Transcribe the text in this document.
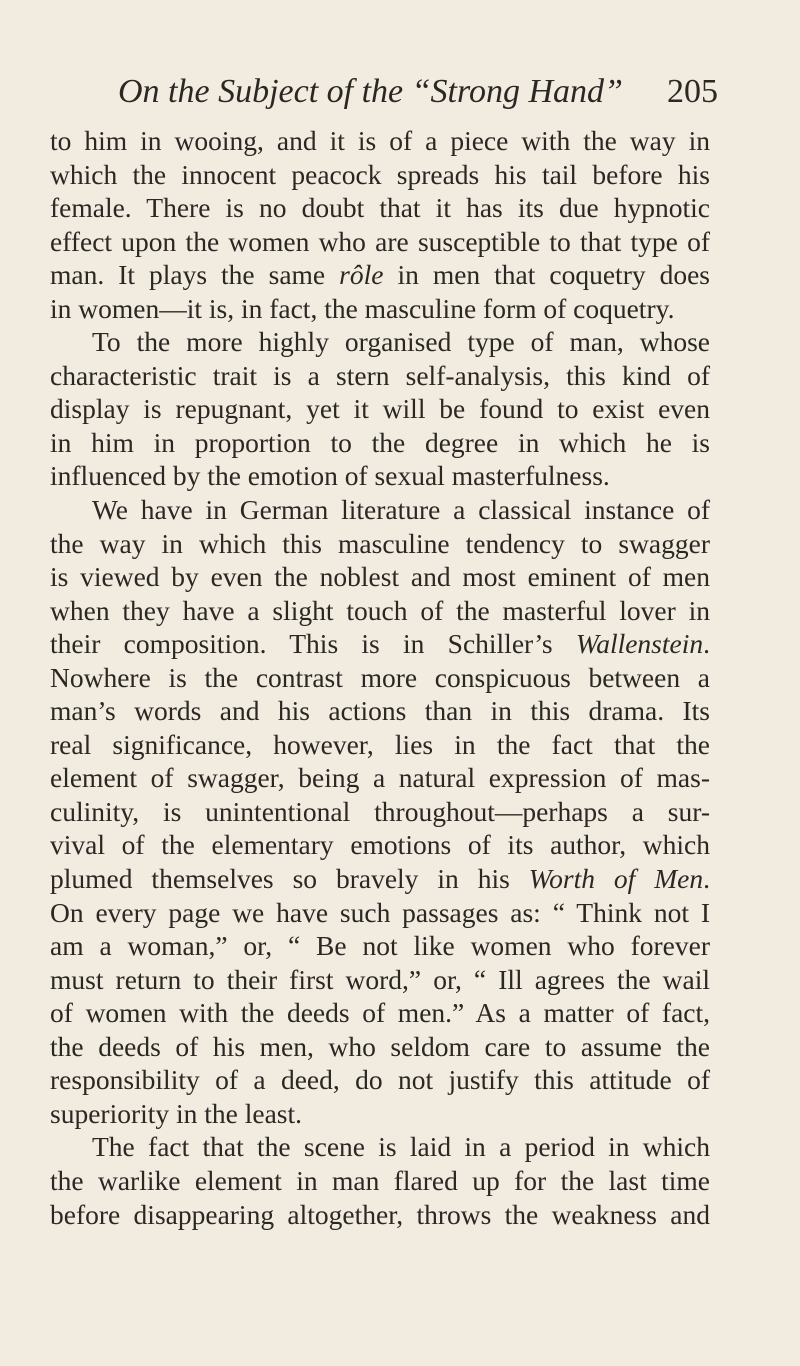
On the Subject of the “Strong Hand” 205
to him in wooing, and it is of a piece with the way in
which the innocent peacock spreads his tail before his
female. There is no doubt that it has its due hypnotic
effect upon the women who are susceptible to that type of
man. It plays the same rôle in men that coquetry does
in women—it is, in fact, the masculine form of coquetry.
To the more highly organised type of man, whose
characteristic trait is a stern self-analysis, this kind of
display is repugnant, yet it will be found to exist even
in him in proportion to the degree in which he is
influenced by the emotion of sexual masterfulness.
We have in German literature a classical instance of
the way in which this masculine tendency to swagger
is viewed by even the noblest and most eminent of men
when they have a slight touch of the masterful lover in
their composition. This is in Schiller’s Wallenstein.
Nowhere is the contrast more conspicuous between a
man’s words and his actions than in this drama. Its
real significance, however, lies in the fact that the
element of swagger, being a natural expression of mas-
culinity, is unintentional throughout—perhaps a sur-
vival of the elementary emotions of its author, which
plumed themselves so bravely in his Worth of Men.
On every page we have such passages as: “ Think not I
am a woman,” or, “ Be not like women who forever
must return to their first word,” or, “ Ill agrees the wail
of women with the deeds of men.” As a matter of fact,
the deeds of his men, who seldom care to assume the
responsibility of a deed, do not justify this attitude of
superiority in the least.
The fact that the scene is laid in a period in which
the warlike element in man flared up for the last time
before disappearing altogether, throws the weakness and
